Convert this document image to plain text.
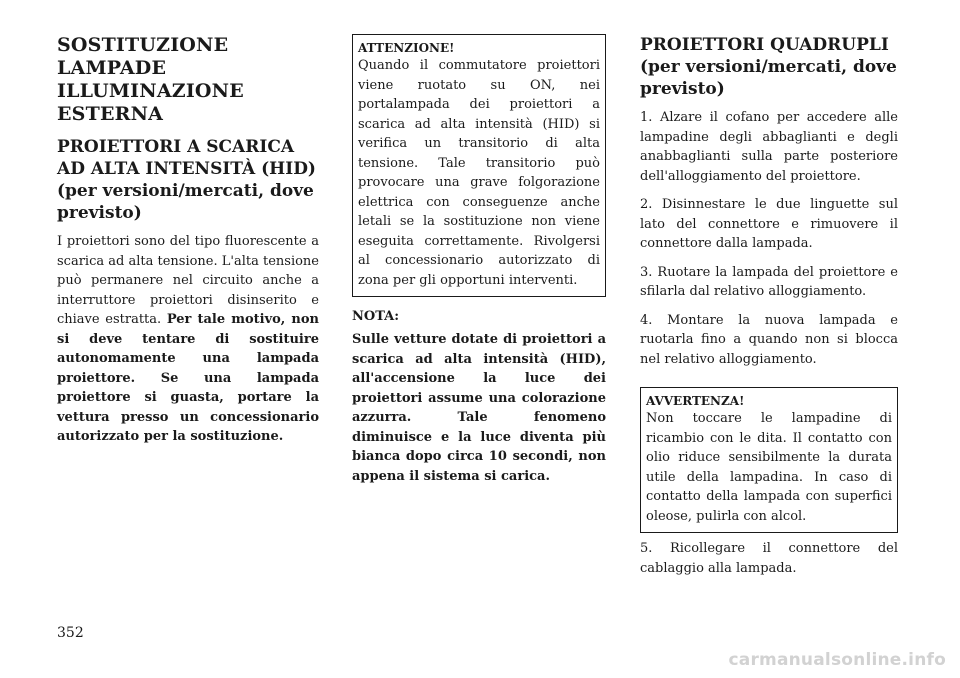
SOSTITUZIONE LAMPADE ILLUMINAZIONE ESTERNA
PROIETTORI A SCARICA AD ALTA INTENSITÀ (HID) (per versioni/mercati, dove previsto)

I proiettori sono del tipo fluorescente a scarica ad alta tensione. L'alta tensione può permanere nel circuito anche a interruttore proiettori disinserito e chiave estratta. Per tale motivo, non si deve tentare di sostituire autonomamente una lampada proiettore. Se una lampada proiettore si guasta, portare la vettura presso un concessionario autorizzato per la sostituzione.

ATTENZIONE!

Quando il commutatore proiettori viene ruotato su ON, nei portalampada dei proiettori a scarica ad alta intensità (HID) si verifica un transitorio di alta tensione. Tale transitorio può provocare una grave folgorazione elettrica con conseguenze anche letali se la sostituzione non viene eseguita correttamente. Rivolgersi al concessionario autorizzato di zona per gli opportuni interventi.

NOTA:

Sulle vetture dotate di proiettori a scarica ad alta intensità (HID), all'accensione la luce dei proiettori assume una colorazione azzurra. Tale fenomeno diminuisce e la luce diventa più bianca dopo circa 10 secondi, non appena il sistema si carica.

PROIETTORI QUADRUPLI (per versioni/mercati, dove previsto)

1. Alzare il cofano per accedere alle lampadine degli abbaglianti e degli anabbaglianti sulla parte posteriore dell'alloggiamento del proiettore.

2. Disinnestare le due linguette sul lato del connettore e rimuovere il connettore dalla lampada.

3. Ruotare la lampada del proiettore e sfilarla dal relativo alloggiamento.

4. Montare la nuova lampada e ruotarla fino a quando non si blocca nel relativo alloggiamento.

AVVERTENZA!

Non toccare le lampadine di ricambio con le dita. Il contatto con olio riduce sensibilmente la durata utile della lampadina. In caso di contatto della lampada con superfici oleose, pulirla con alcol.

5. Ricollegare il connettore del cablaggio alla lampada.

352
carmanualsonline.info
